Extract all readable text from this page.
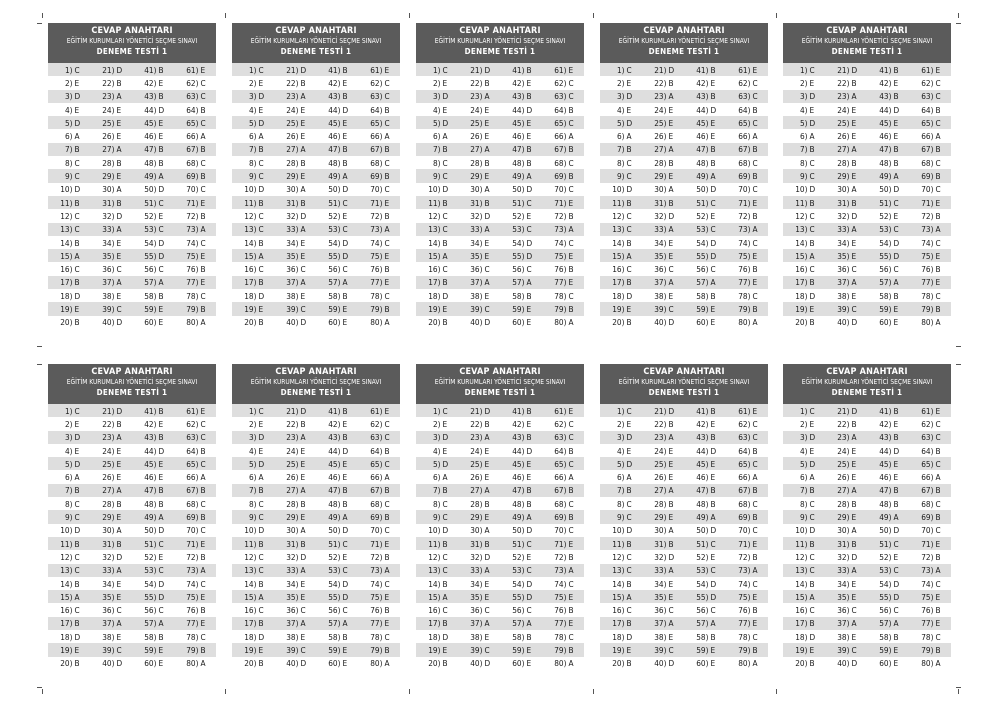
CEVAP ANAHTARI
EĞİTİM KURUMLARI YÖNETİCİ SEÇME SINAVI
DENEME TESTİ 1
1) C	21) D	41) B	61) E
2) E	22) B	42) E	62) C
3) D	23) A	43) B	63) C
4) E	24) E	44) D	64) B
5) D	25) E	45) E	65) C
6) A	26) E	46) E	66) A
7) B	27) A	47) B	67) B
8) C	28) B	48) B	68) C
9) C	29) E	49) A	69) B
10) D	30) A	50) D	70) C
11) B	31) B	51) C	71) E
12) C	32) D	52) E	72) B
13) C	33) A	53) C	73) A
14) B	34) E	54) D	74) C
15) A	35) E	55) D	75) E
16) C	36) C	56) C	76) B
17) B	37) A	57) A	77) E
18) D	38) E	58) B	78) C
19) E	39) C	59) E	79) B
20) B	40) D	60) E	80) A
CEVAP ANAHTARI
EĞİTİM KURUMLARI YÖNETİCİ SEÇME SINAVI
DENEME TESTİ 1
1) C	21) D	41) B	61) E
2) E	22) B	42) E	62) C
3) D	23) A	43) B	63) C
4) E	24) E	44) D	64) B
5) D	25) E	45) E	65) C
6) A	26) E	46) E	66) A
7) B	27) A	47) B	67) B
8) C	28) B	48) B	68) C
9) C	29) E	49) A	69) B
10) D	30) A	50) D	70) C
11) B	31) B	51) C	71) E
12) C	32) D	52) E	72) B
13) C	33) A	53) C	73) A
14) B	34) E	54) D	74) C
15) A	35) E	55) D	75) E
16) C	36) C	56) C	76) B
17) B	37) A	57) A	77) E
18) D	38) E	58) B	78) C
19) E	39) C	59) E	79) B
20) B	40) D	60) E	80) A
CEVAP ANAHTARI
EĞİTİM KURUMLARI YÖNETİCİ SEÇME SINAVI
DENEME TESTİ 1
1) C	21) D	41) B	61) E
2) E	22) B	42) E	62) C
3) D	23) A	43) B	63) C
4) E	24) E	44) D	64) B
5) D	25) E	45) E	65) C
6) A	26) E	46) E	66) A
7) B	27) A	47) B	67) B
8) C	28) B	48) B	68) C
9) C	29) E	49) A	69) B
10) D	30) A	50) D	70) C
11) B	31) B	51) C	71) E
12) C	32) D	52) E	72) B
13) C	33) A	53) C	73) A
14) B	34) E	54) D	74) C
15) A	35) E	55) D	75) E
16) C	36) C	56) C	76) B
17) B	37) A	57) A	77) E
18) D	38) E	58) B	78) C
19) E	39) C	59) E	79) B
20) B	40) D	60) E	80) A
CEVAP ANAHTARI
EĞİTİM KURUMLARI YÖNETİCİ SEÇME SINAVI
DENEME TESTİ 1
1) C	21) D	41) B	61) E
2) E	22) B	42) E	62) C
3) D	23) A	43) B	63) C
4) E	24) E	44) D	64) B
5) D	25) E	45) E	65) C
6) A	26) E	46) E	66) A
7) B	27) A	47) B	67) B
8) C	28) B	48) B	68) C
9) C	29) E	49) A	69) B
10) D	30) A	50) D	70) C
11) B	31) B	51) C	71) E
12) C	32) D	52) E	72) B
13) C	33) A	53) C	73) A
14) B	34) E	54) D	74) C
15) A	35) E	55) D	75) E
16) C	36) C	56) C	76) B
17) B	37) A	57) A	77) E
18) D	38) E	58) B	78) C
19) E	39) C	59) E	79) B
20) B	40) D	60) E	80) A
CEVAP ANAHTARI
EĞİTİM KURUMLARI YÖNETİCİ SEÇME SINAVI
DENEME TESTİ 1
1) C	21) D	41) B	61) E
2) E	22) B	42) E	62) C
3) D	23) A	43) B	63) C
4) E	24) E	44) D	64) B
5) D	25) E	45) E	65) C
6) A	26) E	46) E	66) A
7) B	27) A	47) B	67) B
8) C	28) B	48) B	68) C
9) C	29) E	49) A	69) B
10) D	30) A	50) D	70) C
11) B	31) B	51) C	71) E
12) C	32) D	52) E	72) B
13) C	33) A	53) C	73) A
14) B	34) E	54) D	74) C
15) A	35) E	55) D	75) E
16) C	36) C	56) C	76) B
17) B	37) A	57) A	77) E
18) D	38) E	58) B	78) C
19) E	39) C	59) E	79) B
20) B	40) D	60) E	80) A
CEVAP ANAHTARI
EĞİTİM KURUMLARI YÖNETİCİ SEÇME SINAVI
DENEME TESTİ 1
1) C	21) D	41) B	61) E
2) E	22) B	42) E	62) C
3) D	23) A	43) B	63) C
4) E	24) E	44) D	64) B
5) D	25) E	45) E	65) C
6) A	26) E	46) E	66) A
7) B	27) A	47) B	67) B
8) C	28) B	48) B	68) C
9) C	29) E	49) A	69) B
10) D	30) A	50) D	70) C
11) B	31) B	51) C	71) E
12) C	32) D	52) E	72) B
13) C	33) A	53) C	73) A
14) B	34) E	54) D	74) C
15) A	35) E	55) D	75) E
16) C	36) C	56) C	76) B
17) B	37) A	57) A	77) E
18) D	38) E	58) B	78) C
19) E	39) C	59) E	79) B
20) B	40) D	60) E	80) A
CEVAP ANAHTARI
EĞİTİM KURUMLARI YÖNETİCİ SEÇME SINAVI
DENEME TESTİ 1
1) C	21) D	41) B	61) E
2) E	22) B	42) E	62) C
3) D	23) A	43) B	63) C
4) E	24) E	44) D	64) B
5) D	25) E	45) E	65) C
6) A	26) E	46) E	66) A
7) B	27) A	47) B	67) B
8) C	28) B	48) B	68) C
9) C	29) E	49) A	69) B
10) D	30) A	50) D	70) C
11) B	31) B	51) C	71) E
12) C	32) D	52) E	72) B
13) C	33) A	53) C	73) A
14) B	34) E	54) D	74) C
15) A	35) E	55) D	75) E
16) C	36) C	56) C	76) B
17) B	37) A	57) A	77) E
18) D	38) E	58) B	78) C
19) E	39) C	59) E	79) B
20) B	40) D	60) E	80) A
CEVAP ANAHTARI
EĞİTİM KURUMLARI YÖNETİCİ SEÇME SINAVI
DENEME TESTİ 1
1) C	21) D	41) B	61) E
2) E	22) B	42) E	62) C
3) D	23) A	43) B	63) C
4) E	24) E	44) D	64) B
5) D	25) E	45) E	65) C
6) A	26) E	46) E	66) A
7) B	27) A	47) B	67) B
8) C	28) B	48) B	68) C
9) C	29) E	49) A	69) B
10) D	30) A	50) D	70) C
11) B	31) B	51) C	71) E
12) C	32) D	52) E	72) B
13) C	33) A	53) C	73) A
14) B	34) E	54) D	74) C
15) A	35) E	55) D	75) E
16) C	36) C	56) C	76) B
17) B	37) A	57) A	77) E
18) D	38) E	58) B	78) C
19) E	39) C	59) E	79) B
20) B	40) D	60) E	80) A
CEVAP ANAHTARI
EĞİTİM KURUMLARI YÖNETİCİ SEÇME SINAVI
DENEME TESTİ 1
1) C	21) D	41) B	61) E
2) E	22) B	42) E	62) C
3) D	23) A	43) B	63) C
4) E	24) E	44) D	64) B
5) D	25) E	45) E	65) C
6) A	26) E	46) E	66) A
7) B	27) A	47) B	67) B
8) C	28) B	48) B	68) C
9) C	29) E	49) A	69) B
10) D	30) A	50) D	70) C
11) B	31) B	51) C	71) E
12) C	32) D	52) E	72) B
13) C	33) A	53) C	73) A
14) B	34) E	54) D	74) C
15) A	35) E	55) D	75) E
16) C	36) C	56) C	76) B
17) B	37) A	57) A	77) E
18) D	38) E	58) B	78) C
19) E	39) C	59) E	79) B
20) B	40) D	60) E	80) A
CEVAP ANAHTARI
EĞİTİM KURUMLARI YÖNETİCİ SEÇME SINAVI
DENEME TESTİ 1
1) C	21) D	41) B	61) E
2) E	22) B	42) E	62) C
3) D	23) A	43) B	63) C
4) E	24) E	44) D	64) B
5) D	25) E	45) E	65) C
6) A	26) E	46) E	66) A
7) B	27) A	47) B	67) B
8) C	28) B	48) B	68) C
9) C	29) E	49) A	69) B
10) D	30) A	50) D	70) C
11) B	31) B	51) C	71) E
12) C	32) D	52) E	72) B
13) C	33) A	53) C	73) A
14) B	34) E	54) D	74) C
15) A	35) E	55) D	75) E
16) C	36) C	56) C	76) B
17) B	37) A	57) A	77) E
18) D	38) E	58) B	78) C
19) E	39) C	59) E	79) B
20) B	40) D	60) E	80) A
